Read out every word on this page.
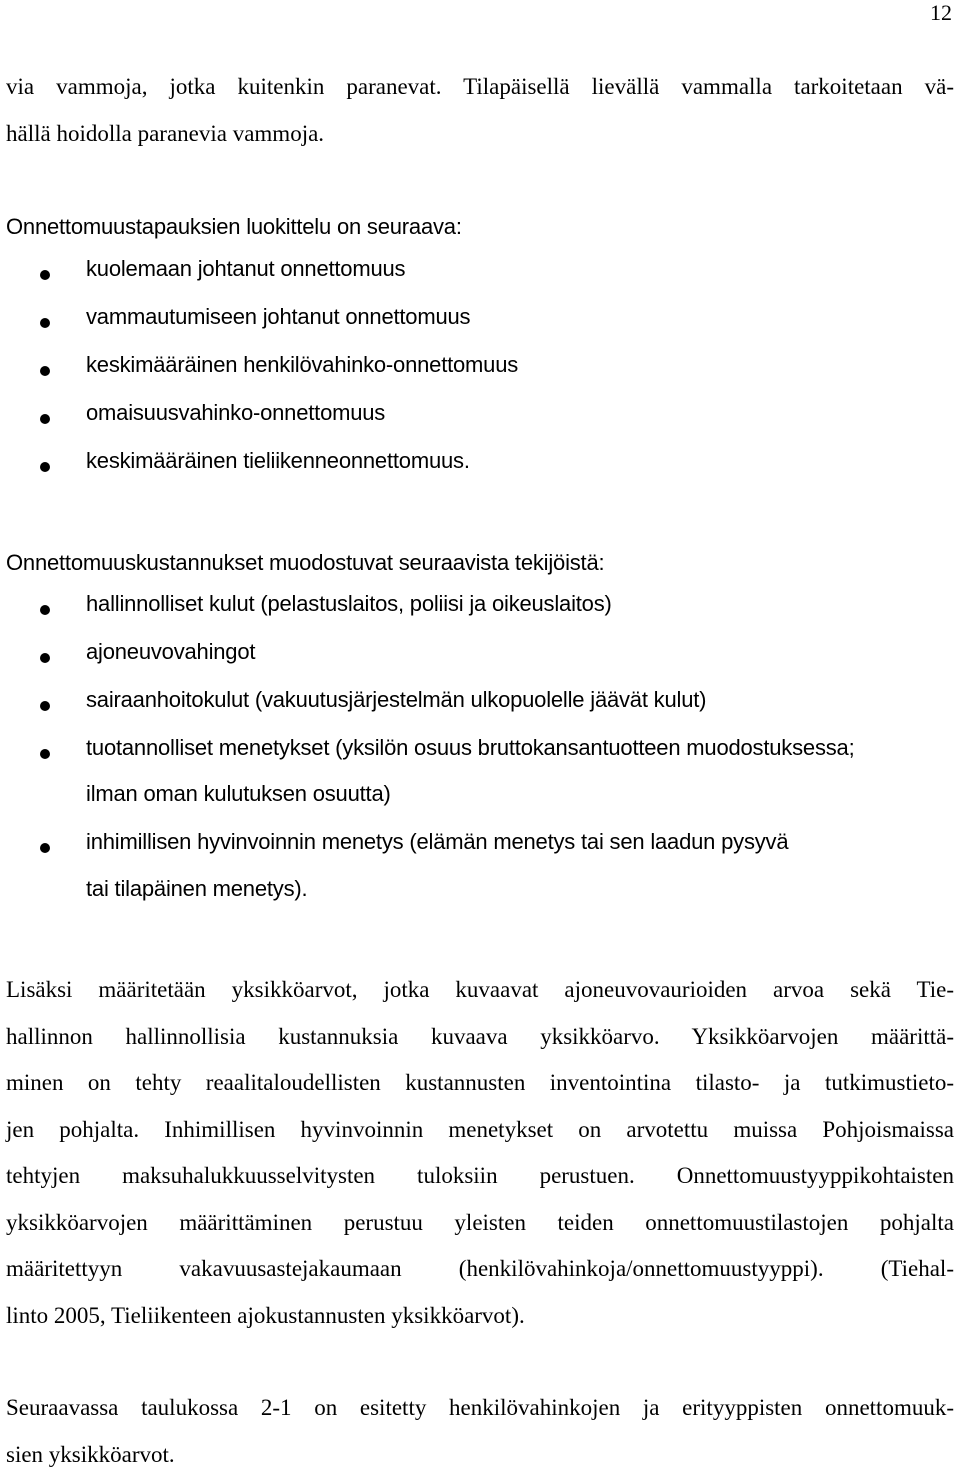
12
via vammoja, jotka kuitenkin paranevat. Tilapäisellä lievällä vammalla tarkoitetaan vä-
hällä hoidolla paranevia vammoja.
Onnettomuustapauksien luokittelu on seuraava:
kuolemaan johtanut onnettomuus
vammautumiseen johtanut onnettomuus
keskimääräinen henkilövahinko-onnettomuus
omaisuusvahinko-onnettomuus
keskimääräinen tieliikenneonnettomuus.
Onnettomuuskustannukset muodostuvat seuraavista tekijöistä:
hallinnolliset kulut (pelastuslaitos, poliisi ja oikeuslaitos)
ajoneuvovahingot
sairaanhoitokulut (vakuutusjärjestelmän ulkopuolelle jäävät kulut)
tuotannolliset menetykset (yksilön osuus bruttokansantuotteen muodostuksessa;
ilman oman kulutuksen osuutta)
inhimillisen hyvinvoinnin menetys (elämän menetys tai sen laadun pysyvä
tai tilapäinen menetys).
Lisäksi määritetään yksikköarvot, jotka kuvaavat ajoneuvovaurioiden arvoa sekä Tie-
hallinnon hallinnollisia kustannuksia kuvaava yksikköarvo. Yksikköarvojen määrittä-
minen on tehty reaalitaloudellisten kustannusten inventointina tilasto- ja tutkimustieto-
jen pohjalta. Inhimillisen hyvinvoinnin menetykset on arvotettu muissa Pohjoismaissa
tehtyjen maksuhalukkuusselvitysten tuloksiin perustuen. Onnettomuustyyppikohtaisten
yksikköarvojen määrittäminen perustuu yleisten teiden onnettomuustilastojen pohjalta
määritettyyn vakavuusastejakaumaan (henkilövahinkoja/onnettomuustyyppi). (Tiehal-
linto 2005, Tieliikenteen ajokustannusten yksikköarvot).
Seuraavassa taulukossa 2-1 on esitetty henkilövahinkojen ja erityyppisten onnettomuuk-
sien yksikköarvot.
